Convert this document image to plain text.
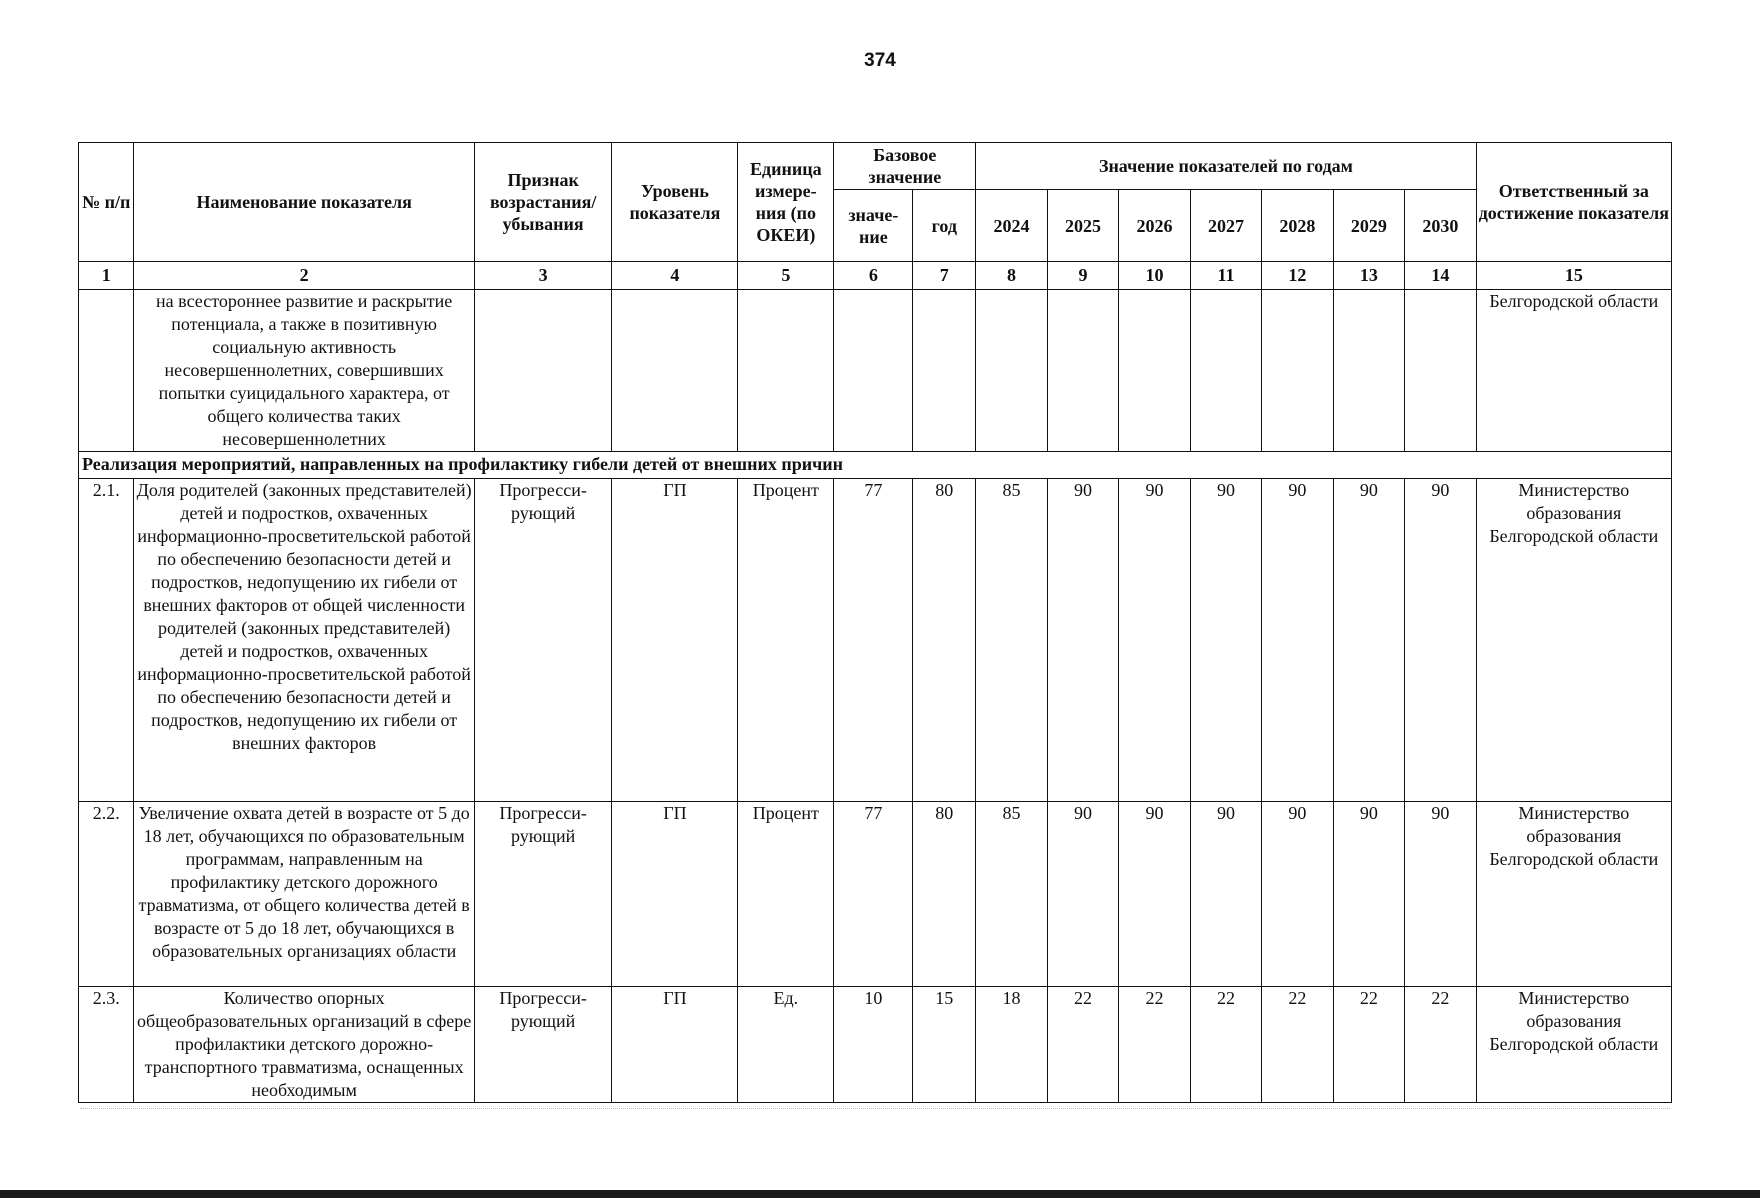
374
№ п/п	Наименование показателя	Признак возрастания/ убывания	Уровень показателя	Единица измере- ния (по ОКЕИ)	Базовое значение		Значение показателей по годам							Ответственный за достижение показателя
					значе- ние	год	2024	2025	2026	2027	2028	2029	2030	
1	2	3	4	5	6	7	8	9	10	11	12	13	14	15
	на всестороннее развитие и раскрытие потенциала, а также в позитивную социальную активность несовершеннолетних, совершивших попытки суицидального характера, от общего количества таких несовершеннолетних													Белгородской области
Реализация мероприятий, направленных на профилактику гибели детей от внешних причин														
2.1.	Доля родителей (законных представителей) детей и подростков, охваченных информационно-просветительской работой по обеспечению безопасности детей и подростков, недопущению их гибели от внешних факторов от общей численности родителей (законных представителей) детей и подростков, охваченных информационно-просветительской работой по обеспечению безопасности детей и подростков, недопущению их гибели от внешних факторов	Прогресси- рующий	ГП	Процент	77	80	85	90	90	90	90	90	90	Министерство образования Белгородской области
2.2.	Увеличение охвата детей в возрасте от 5 до 18 лет, обучающихся по образовательным программам, направленным на профилактику детского дорожного травматизма, от общего количества детей в возрасте от 5 до 18 лет, обучающихся в образовательных организациях области	Прогресси- рующий	ГП	Процент	77	80	85	90	90	90	90	90	90	Министерство образования Белгородской области
2.3.	Количество опорных общеобразовательных организаций в сфере профилактики детского дорожно-транспортного травматизма, оснащенных необходимым	Прогресси- рующий	ГП	Ед.	10	15	18	22	22	22	22	22	22	Министерство образования Белгородской области
